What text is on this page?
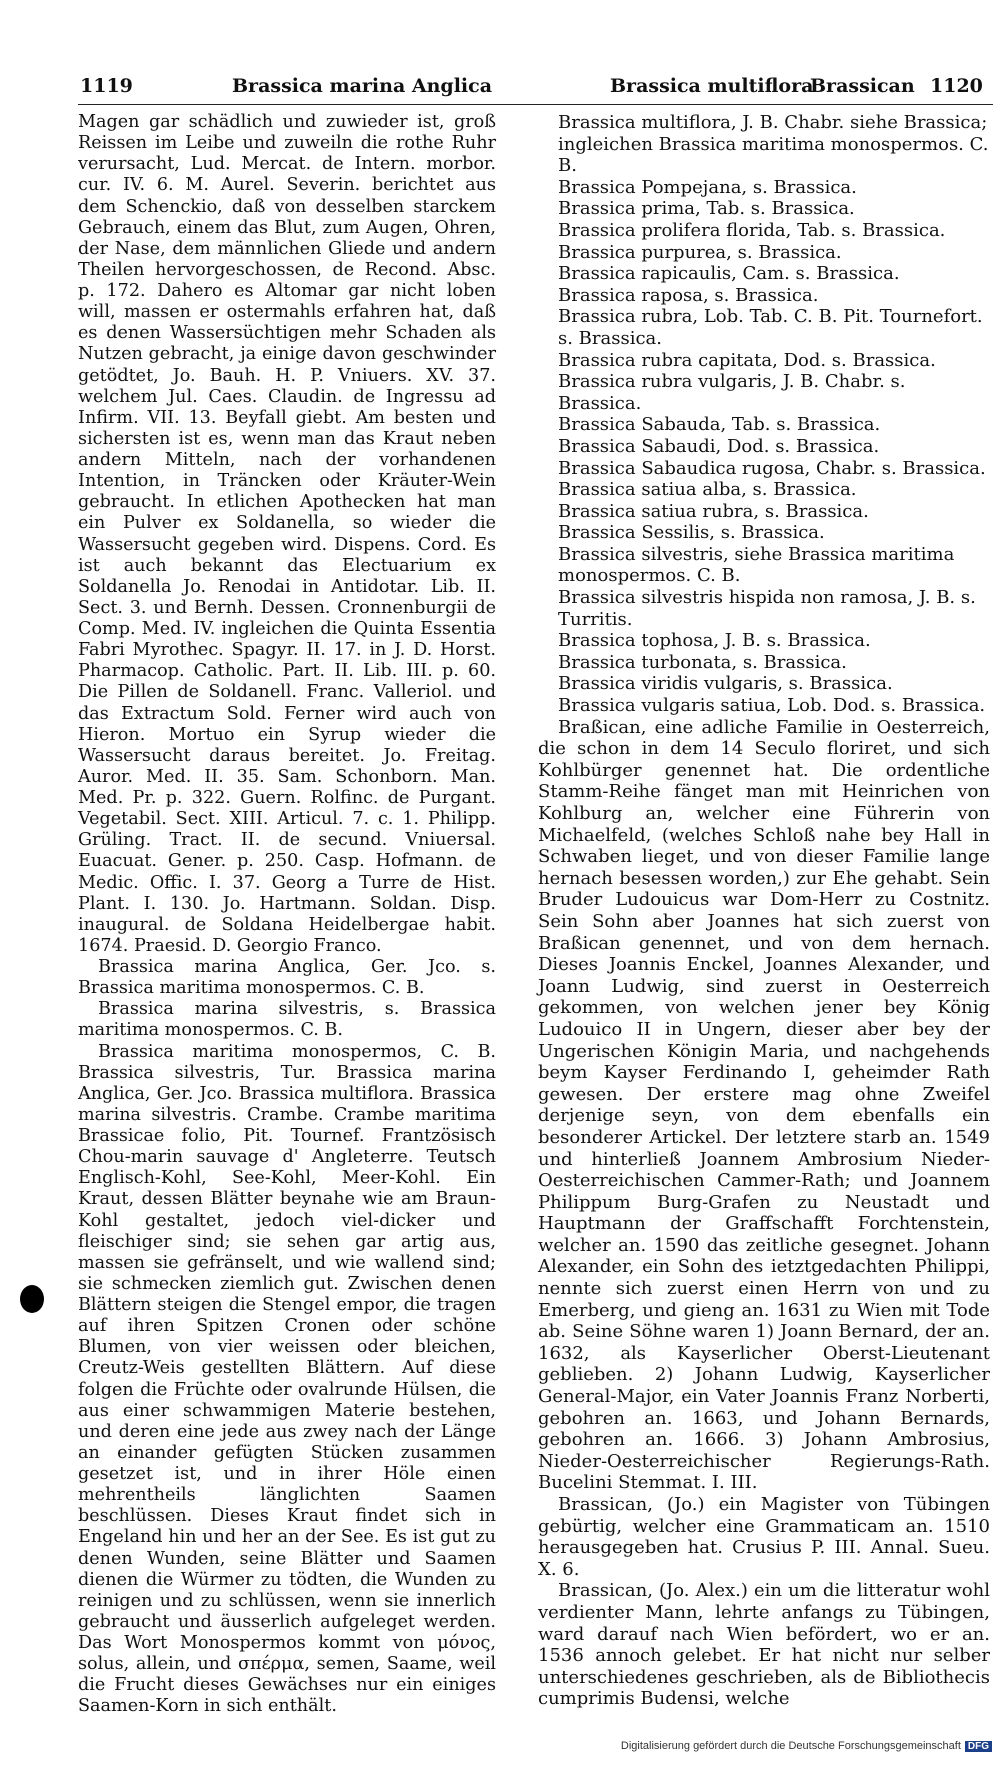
1119	Brassica marina Anglica	Brassica multiflora
Brassican 1120

Magen gar schädlich und zuwieder ist, groß Reissen im Leibe und zuweiln die rothe Ruhr verursacht, Lud. Mercat. de Intern. morbor. cur. IV. 6. M. Aurel. Severin. berichtet aus dem Schenckio, daß von desselben starckem Gebrauch, einem das Blut, zum Augen, Ohren, der Nase, dem männlichen Gliede und andern Theilen hervorgeschossen, de Recond. Absc. p. 172. Dahero es Altomar gar nicht loben will, massen er ostermahls erfahren hat, daß es denen Wassersüchtigen mehr Schaden als Nutzen gebracht, ja einige davon geschwinder getödtet, Jo. Bauh. H. P. Vniuers. XV. 37. welchem Jul. Caes. Claudin. de Ingressu ad Infirm. VII. 13. Beyfall giebt. Am besten und sichersten ist es, wenn man das Kraut neben andern Mitteln, nach der vorhandenen Intention, in Träncken oder Kräuter-Wein gebraucht. In etlichen Apothecken hat man ein Pulver ex Soldanella, so wieder die Wassersucht gegeben wird. Dispens. Cord. Es ist auch bekannt das Electuarium ex Soldanella Jo. Renodai in Antidotar. Lib. II. Sect. 3. und Bernh. Dessen. Cronnenburgii de Comp. Med. IV. ingleichen die Quinta Essentia Fabri Myrothec. Spagyr. II. 17. in J. D. Horst. Pharmacop. Catholic. Part. II. Lib. III. p. 60. Die Pillen de Soldanell. Franc. Valleriol. und das Extractum Sold. Ferner wird auch von Hieron. Mortuo ein Syrup wieder die Wassersucht daraus bereitet. Jo. Freitag. Auror. Med. II. 35. Sam. Schonborn. Man. Med. Pr. p. 322. Guern. Rolfinc. de Purgant. Vegetabil. Sect. XIII. Articul. 7. c. 1. Philipp. Grüling. Tract. II. de secund. Vniuersal. Euacuat. Gener. p. 250. Casp. Hofmann. de Medic. Offic. I. 37. Georg a Turre de Hist. Plant. I. 130. Jo. Hartmann. Soldan. Disp. inaugural. de Soldana Heidelbergae habit. 1674. Praesid. D. Georgio Franco.

Brassica marina Anglica, Ger. Jco. s. Brassica maritima monospermos. C. B.

Brassica marina silvestris, s. Brassica maritima monospermos. C. B.

Brassica maritima monospermos, C. B. Brassica silvestris, Tur. Brassica marina Anglica, Ger. Jco. Brassica multiflora. Brassica marina silvestris. Crambe. Crambe maritima Brassicae folio, Pit. Tournef. Frantzösisch Chou-marin sauvage d' Angleterre. Teutsch Englisch-Kohl, See-Kohl, Meer-Kohl. Ein Kraut, dessen Blätter beynahe wie am Braun-Kohl gestaltet, jedoch viel-dicker und fleischiger sind; sie sehen gar artig aus, massen sie gefränselt, und wie wallend sind; sie schmecken ziemlich gut. Zwischen denen Blättern steigen die Stengel empor, die tragen auf ihren Spitzen Cronen oder schöne Blumen, von vier weissen oder bleichen, Creutz-Weis gestellten Blättern. Auf diese folgen die Früchte oder ovalrunde Hülsen, die aus einer schwammigen Materie bestehen, und deren eine jede aus zwey nach der Länge an einander gefügten Stücken zusammen gesetzet ist, und in ihrer Höle einen mehrentheils länglichten Saamen beschlüssen. Dieses Kraut findet sich in Engeland hin und her an der See. Es ist gut zu denen Wunden, seine Blätter und Saamen dienen die Würmer zu tödten, die Wunden zu reinigen und zu schlüssen, wenn sie innerlich gebraucht und äusserlich aufgeleget werden. Das Wort Monospermos kommt von μόνος, solus, allein, und σπέρμα, semen, Saame, weil die Frucht dieses Gewächses nur ein einiges Saamen-Korn in sich enthält.

Brassica multiflora, J. B. Chabr. siehe Brassica; ingleichen Brassica maritima monospermos. C. B.

Brassica Pompejana, s. Brassica.

Brassica prima, Tab. s. Brassica.

Brassica prolifera florida, Tab. s. Brassica.

Brassica purpurea, s. Brassica.

Brassica rapicaulis, Cam. s. Brassica.

Brassica raposa, s. Brassica.

Brassica rubra, Lob. Tab. C. B. Pit. Tournefort. s. Brassica.

Brassica rubra capitata, Dod. s. Brassica.

Brassica rubra vulgaris, J. B. Chabr. s. Brassica.

Brassica Sabauda, Tab. s. Brassica.

Brassica Sabaudi, Dod. s. Brassica.

Brassica Sabaudica rugosa, Chabr. s. Brassica.

Brassica satiua alba, s. Brassica.

Brassica satiua rubra, s. Brassica.

Brassica Sessilis, s. Brassica.

Brassica silvestris, siehe Brassica maritima monospermos. C. B.

Brassica silvestris hispida non ramosa, J. B. s. Turritis.

Brassica tophosa, J. B. s. Brassica.

Brassica turbonata, s. Brassica.

Brassica viridis vulgaris, s. Brassica.

Brassica vulgaris satiua, Lob. Dod. s. Brassica.

Braßican, eine adliche Familie in Oesterreich, die schon in dem 14 Seculo floriret, und sich Kohlbürger genennet hat. Die ordentliche Stamm-Reihe fänget man mit Heinrichen von Kohlburg an, welcher eine Führerin von Michaelfeld, (welches Schloß nahe bey Hall in Schwaben lieget, und von dieser Familie lange hernach besessen worden,) zur Ehe gehabt. Sein Bruder Ludouicus war Dom-Herr zu Costnitz. Sein Sohn aber Joannes hat sich zuerst von Braßican genennet, und von dem hernach. Dieses Joannis Enckel, Joannes Alexander, und Joann Ludwig, sind zuerst in Oesterreich gekommen, von welchen jener bey König Ludouico II in Ungern, dieser aber bey der Ungerischen Königin Maria, und nachgehends beym Kayser Ferdinando I, geheimder Rath gewesen. Der erstere mag ohne Zweifel derjenige seyn, von dem ebenfalls ein besonderer Artickel. Der letztere starb an. 1549 und hinterließ Joannem Ambrosium Nieder-Oesterreichischen Cammer-Rath; und Joannem Philippum Burg-Grafen zu Neustadt und Hauptmann der Graffschafft Forchtenstein, welcher an. 1590 das zeitliche gesegnet. Johann Alexander, ein Sohn des ietztgedachten Philippi, nennte sich zuerst einen Herrn von und zu Emerberg, und gieng an. 1631 zu Wien mit Tode ab. Seine Söhne waren 1) Joann Bernard, der an. 1632, als Kayserlicher Oberst-Lieutenant geblieben. 2) Johann Ludwig, Kayserlicher General-Major, ein Vater Joannis Franz Norberti, gebohren an. 1663, und Johann Bernards, gebohren an. 1666. 3) Johann Ambrosius, Nieder-Oesterreichischer Regierungs-Rath. Bucelini Stemmat. I. III.

Brassican, (Jo.) ein Magister von Tübingen gebürtig, welcher eine Grammaticam an. 1510 herausgegeben hat. Crusius P. III. Annal. Sueu. X. 6.

Brassican, (Jo. Alex.) ein um die litteratur wohl verdienter Mann, lehrte anfangs zu Tübingen, ward darauf nach Wien befördert, wo er an. 1536 annoch gelebet. Er hat nicht nur selber unterschiedenes geschrieben, als de Bibliothecis cumprimis Budensi, welche

Digitalisierung gefördert durch die Deutsche Forschungsgemeinschaft DFG
